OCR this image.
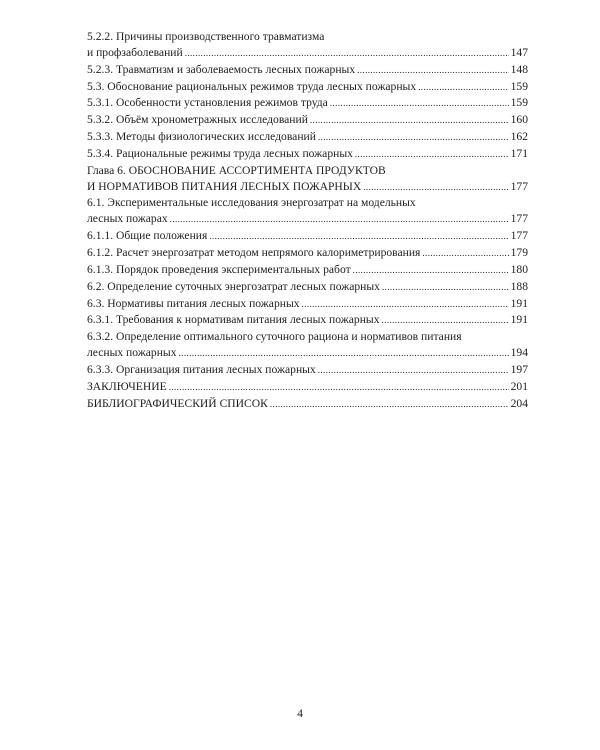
5.2.2. Причины производственного травматизма
и профзаболеваний .....	147
5.2.3. Травматизм и заболеваемость лесных пожарных .....	148
5.3. Обоснование рациональных режимов труда лесных пожарных .....	159
5.3.1. Особенности установления режимов труда .....	159
5.3.2. Объём хронометражных исследований .....	160
5.3.3. Методы физиологических исследований .....	162
5.3.4. Рациональные режимы труда лесных пожарных .....	171
Глава 6. ОБОСНОВАНИЕ АССОРТИМЕНТА ПРОДУКТОВ
И НОРМАТИВОВ ПИТАНИЯ ЛЕСНЫХ ПОЖАРНЫХ .....	177
6.1. Экспериментальные исследования энергозатрат на модельных
лесных пожарах .....	177
6.1.1. Общие положения .....	177
6.1.2. Расчет энергозатрат методом непрямого калориметрирования .....	179
6.1.3. Порядок проведения экспериментальных работ .....	180
6.2. Определение суточных энергозатрат лесных пожарных .....	188
6.3. Нормативы питания лесных пожарных .....	191
6.3.1. Требования к нормативам питания лесных пожарных .....	191
6.3.2. Определение оптимального суточного рациона и нормативов питания
лесных пожарных .....	194
6.3.3. Организация питания лесных пожарных .....	197
ЗАКЛЮЧЕНИЕ .....	201
БИБЛИОГРАФИЧЕСКИЙ СПИСОК .....	204
4
